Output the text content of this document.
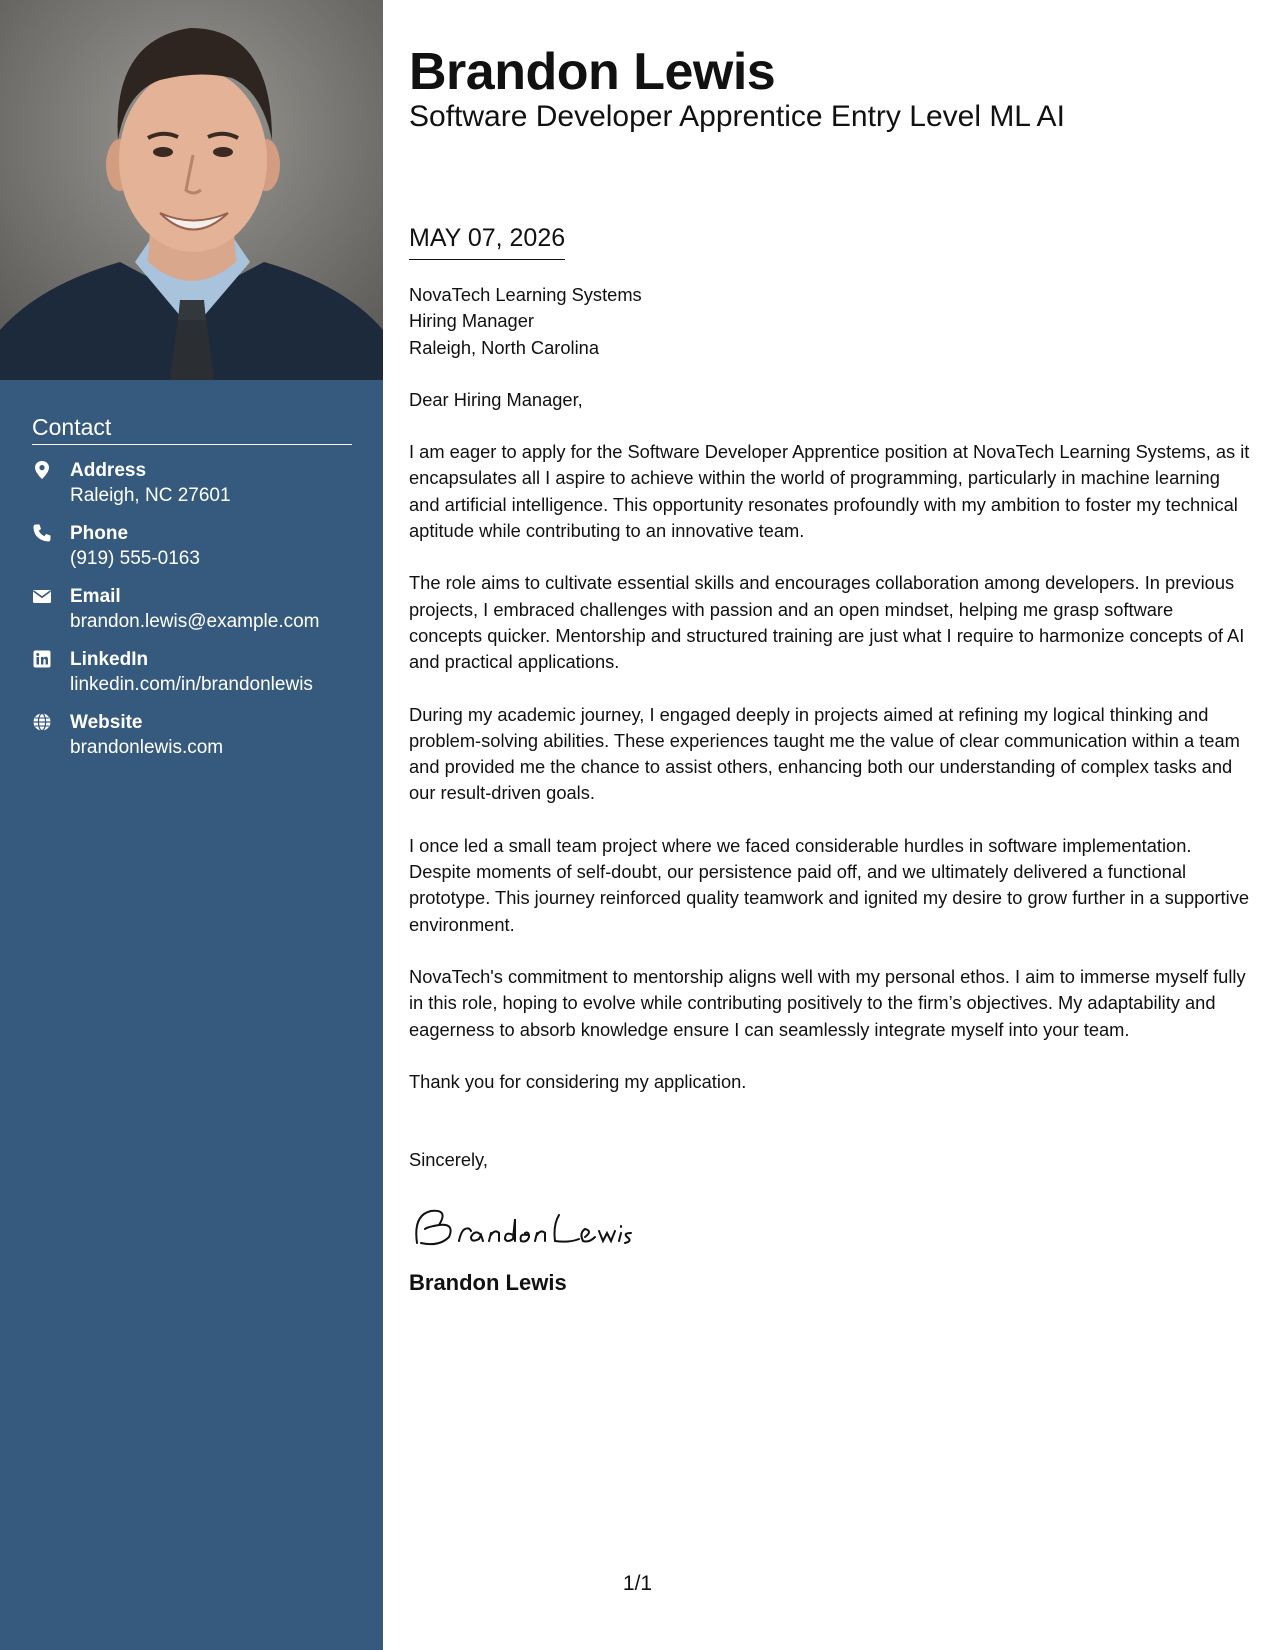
Contact
Address
Raleigh, NC 27601
Phone
(919) 555-0163
Email
brandon.lewis@example.com
LinkedIn
linkedin.com/in/brandonlewis
Website
brandonlewis.com
Brandon Lewis
Software Developer Apprentice Entry Level ML AI
MAY 07, 2026
NovaTech Learning Systems
Hiring Manager
Raleigh, North Carolina
Dear Hiring Manager,
I am eager to apply for the Software Developer Apprentice position at NovaTech Learning Systems, as it encapsulates all I aspire to achieve within the world of programming, particularly in machine learning and artificial intelligence. This opportunity resonates profoundly with my ambition to foster my technical aptitude while contributing to an innovative team.
The role aims to cultivate essential skills and encourages collaboration among developers. In previous projects, I embraced challenges with passion and an open mindset, helping me grasp software concepts quicker. Mentorship and structured training are just what I require to harmonize concepts of AI and practical applications.
During my academic journey, I engaged deeply in projects aimed at refining my logical thinking and problem-solving abilities. These experiences taught me the value of clear communication within a team and provided me the chance to assist others, enhancing both our understanding of complex tasks and our result-driven goals.
I once led a small team project where we faced considerable hurdles in software implementation. Despite moments of self-doubt, our persistence paid off, and we ultimately delivered a functional prototype. This journey reinforced quality teamwork and ignited my desire to grow further in a supportive environment.
NovaTech's commitment to mentorship aligns well with my personal ethos. I aim to immerse myself fully in this role, hoping to evolve while contributing positively to the firm’s objectives. My adaptability and eagerness to absorb knowledge ensure I can seamlessly integrate myself into your team.
Thank you for considering my application.
Sincerely,
Brandon Lewis
1/1
